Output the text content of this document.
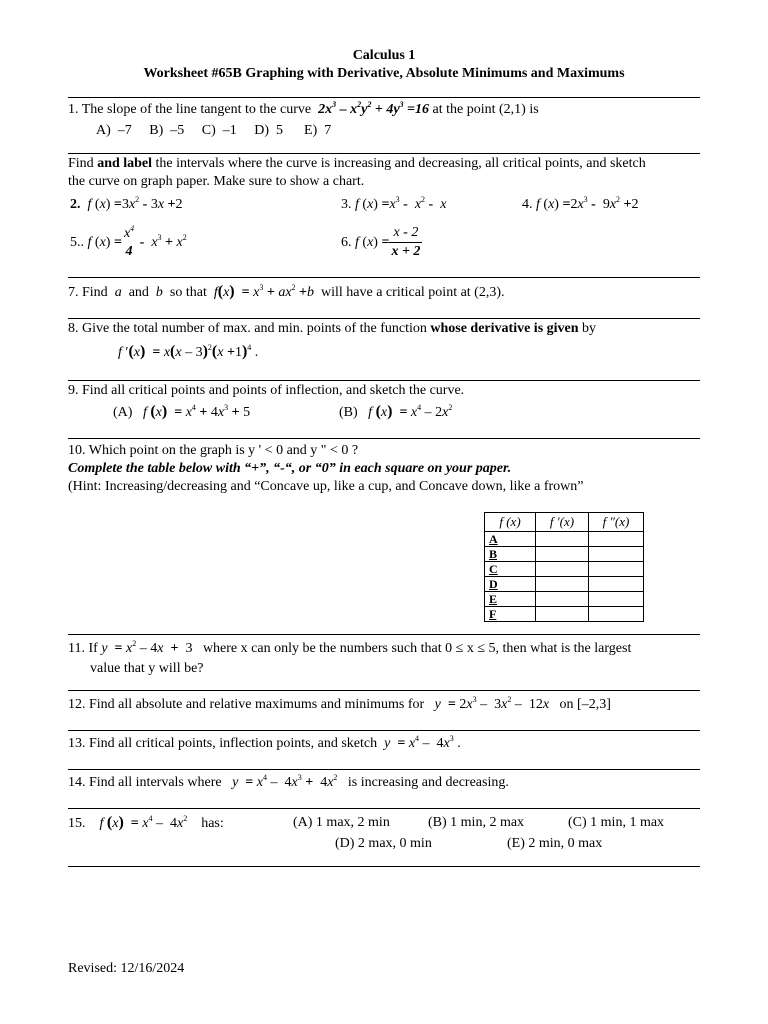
Calculus 1
Worksheet #65B Graphing with Derivative, Absolute Minimums and Maximums
1. The slope of the line tangent to the curve  $2x^3 - x^2y^2 + 4y^3 =16$ at the point (2,1) is
A)  –7     B)  –5     C)  –1     D)  5      E)  7
Find and label the intervals where the curve is increasing and decreasing, all critical points, and sketch
the curve on graph paper. Make sure to show a chart.
2.  f $(x) =3x^2 - 3x +2$	3. f $(x) =x^3 - x^2 - x$	4. f $(x) =2x^3 - 9x^2 +2$
5.. f (x) =
$x^4$
4
- $x^3 + x^2$	6. f $(x) = \frac{x - 2}{x + 2}$
7. Find a and b so that  $f(x) = x^3 + ax^2 +b$ will have a critical point at (2,3).
8. Give the total number of max. and min. points of the function whose derivative is given by
f $'(x) = x(x - 3)^2(x +1)^4$ .
9. Find all critical points and points of inflection, and sketch the curve.
(A) f $(x) = x^4 + 4x^3 + 5$	(B) f $(x) = x^4 - 2x^2$
10. Which point on the graph is y ' < 0 and y " < 0 ?
Complete the table below with “+”, “-“, or “0” in each square on your paper.
(Hint: Increasing/decreasing and “Concave up, like a cup, and Concave down, like a frown”
f (x)	f ′(x)	f ″(x)
A		
B		
C		
D		
E		
F		
11. If $y = x^2 - 4x + 3$ where x can only be the numbers such that 0 ≤ x ≤ 5, then what is the largest
value that y will be?
12. Find all absolute and relative maximums and minimums for $y = 2x^3 - 3x^2 - 12x$ on [–2,3]
13. Find all critical points, inflection points, and sketch $y = x^4 - 4x^3$ .
14. Find all intervals where $y = x^4 - 4x^3 + 4x^2$ is increasing and decreasing.
15. f $(x) = x^4 - 4x^2$ has:	(A) 1 max, 2 min	(B) 1 min, 2 max	(C) 1 min, 1 max
(D) 2 max, 0 min	(E) 2 min, 0 max
Revised: 12/16/2024
